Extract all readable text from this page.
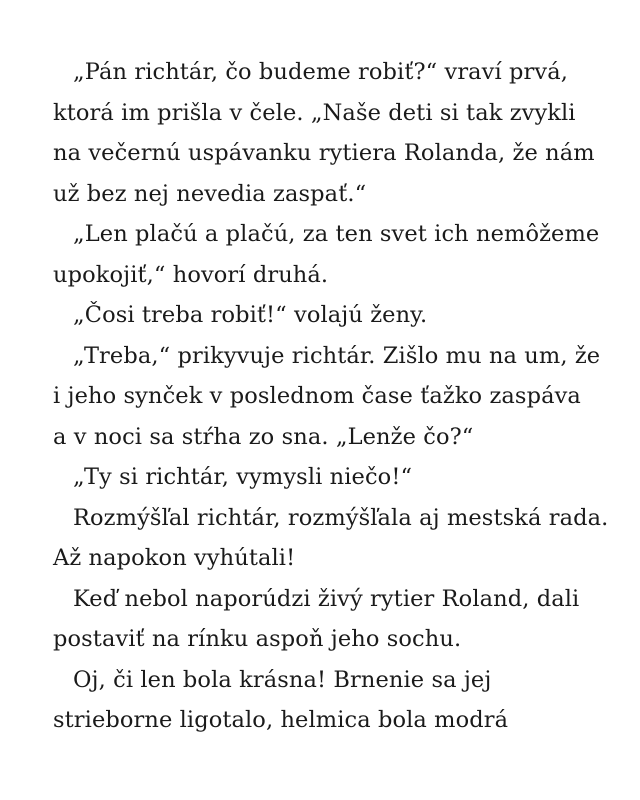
„Pán richtár, čo budeme robiť?“ vraví prvá,
ktorá im prišla v čele. „Naše deti si tak zvykli
na večernú uspávanku rytiera Rolanda, že nám
už bez nej nevedia zaspať.“
„Len plačú a plačú, za ten svet ich nemôžeme
upokojiť,“ hovorí druhá.
„Čosi treba robiť!“ volajú ženy.
„Treba,“ prikyvuje richtár. Zišlo mu na um, že
i jeho synček v poslednom čase ťažko zaspáva
a v noci sa stŕha zo sna. „Lenže čo?“
„Ty si richtár, vymysli niečo!“
Rozmýšľal richtár, rozmýšľala aj mestská rada.
Až napokon vyhútali!
Keď nebol naporúdzi živý rytier Roland, dali
postaviť na rínku aspoň jeho sochu.
Oj, či len bola krásna! Brnenie sa jej
strieborne ligotalo, helmica bola modrá
